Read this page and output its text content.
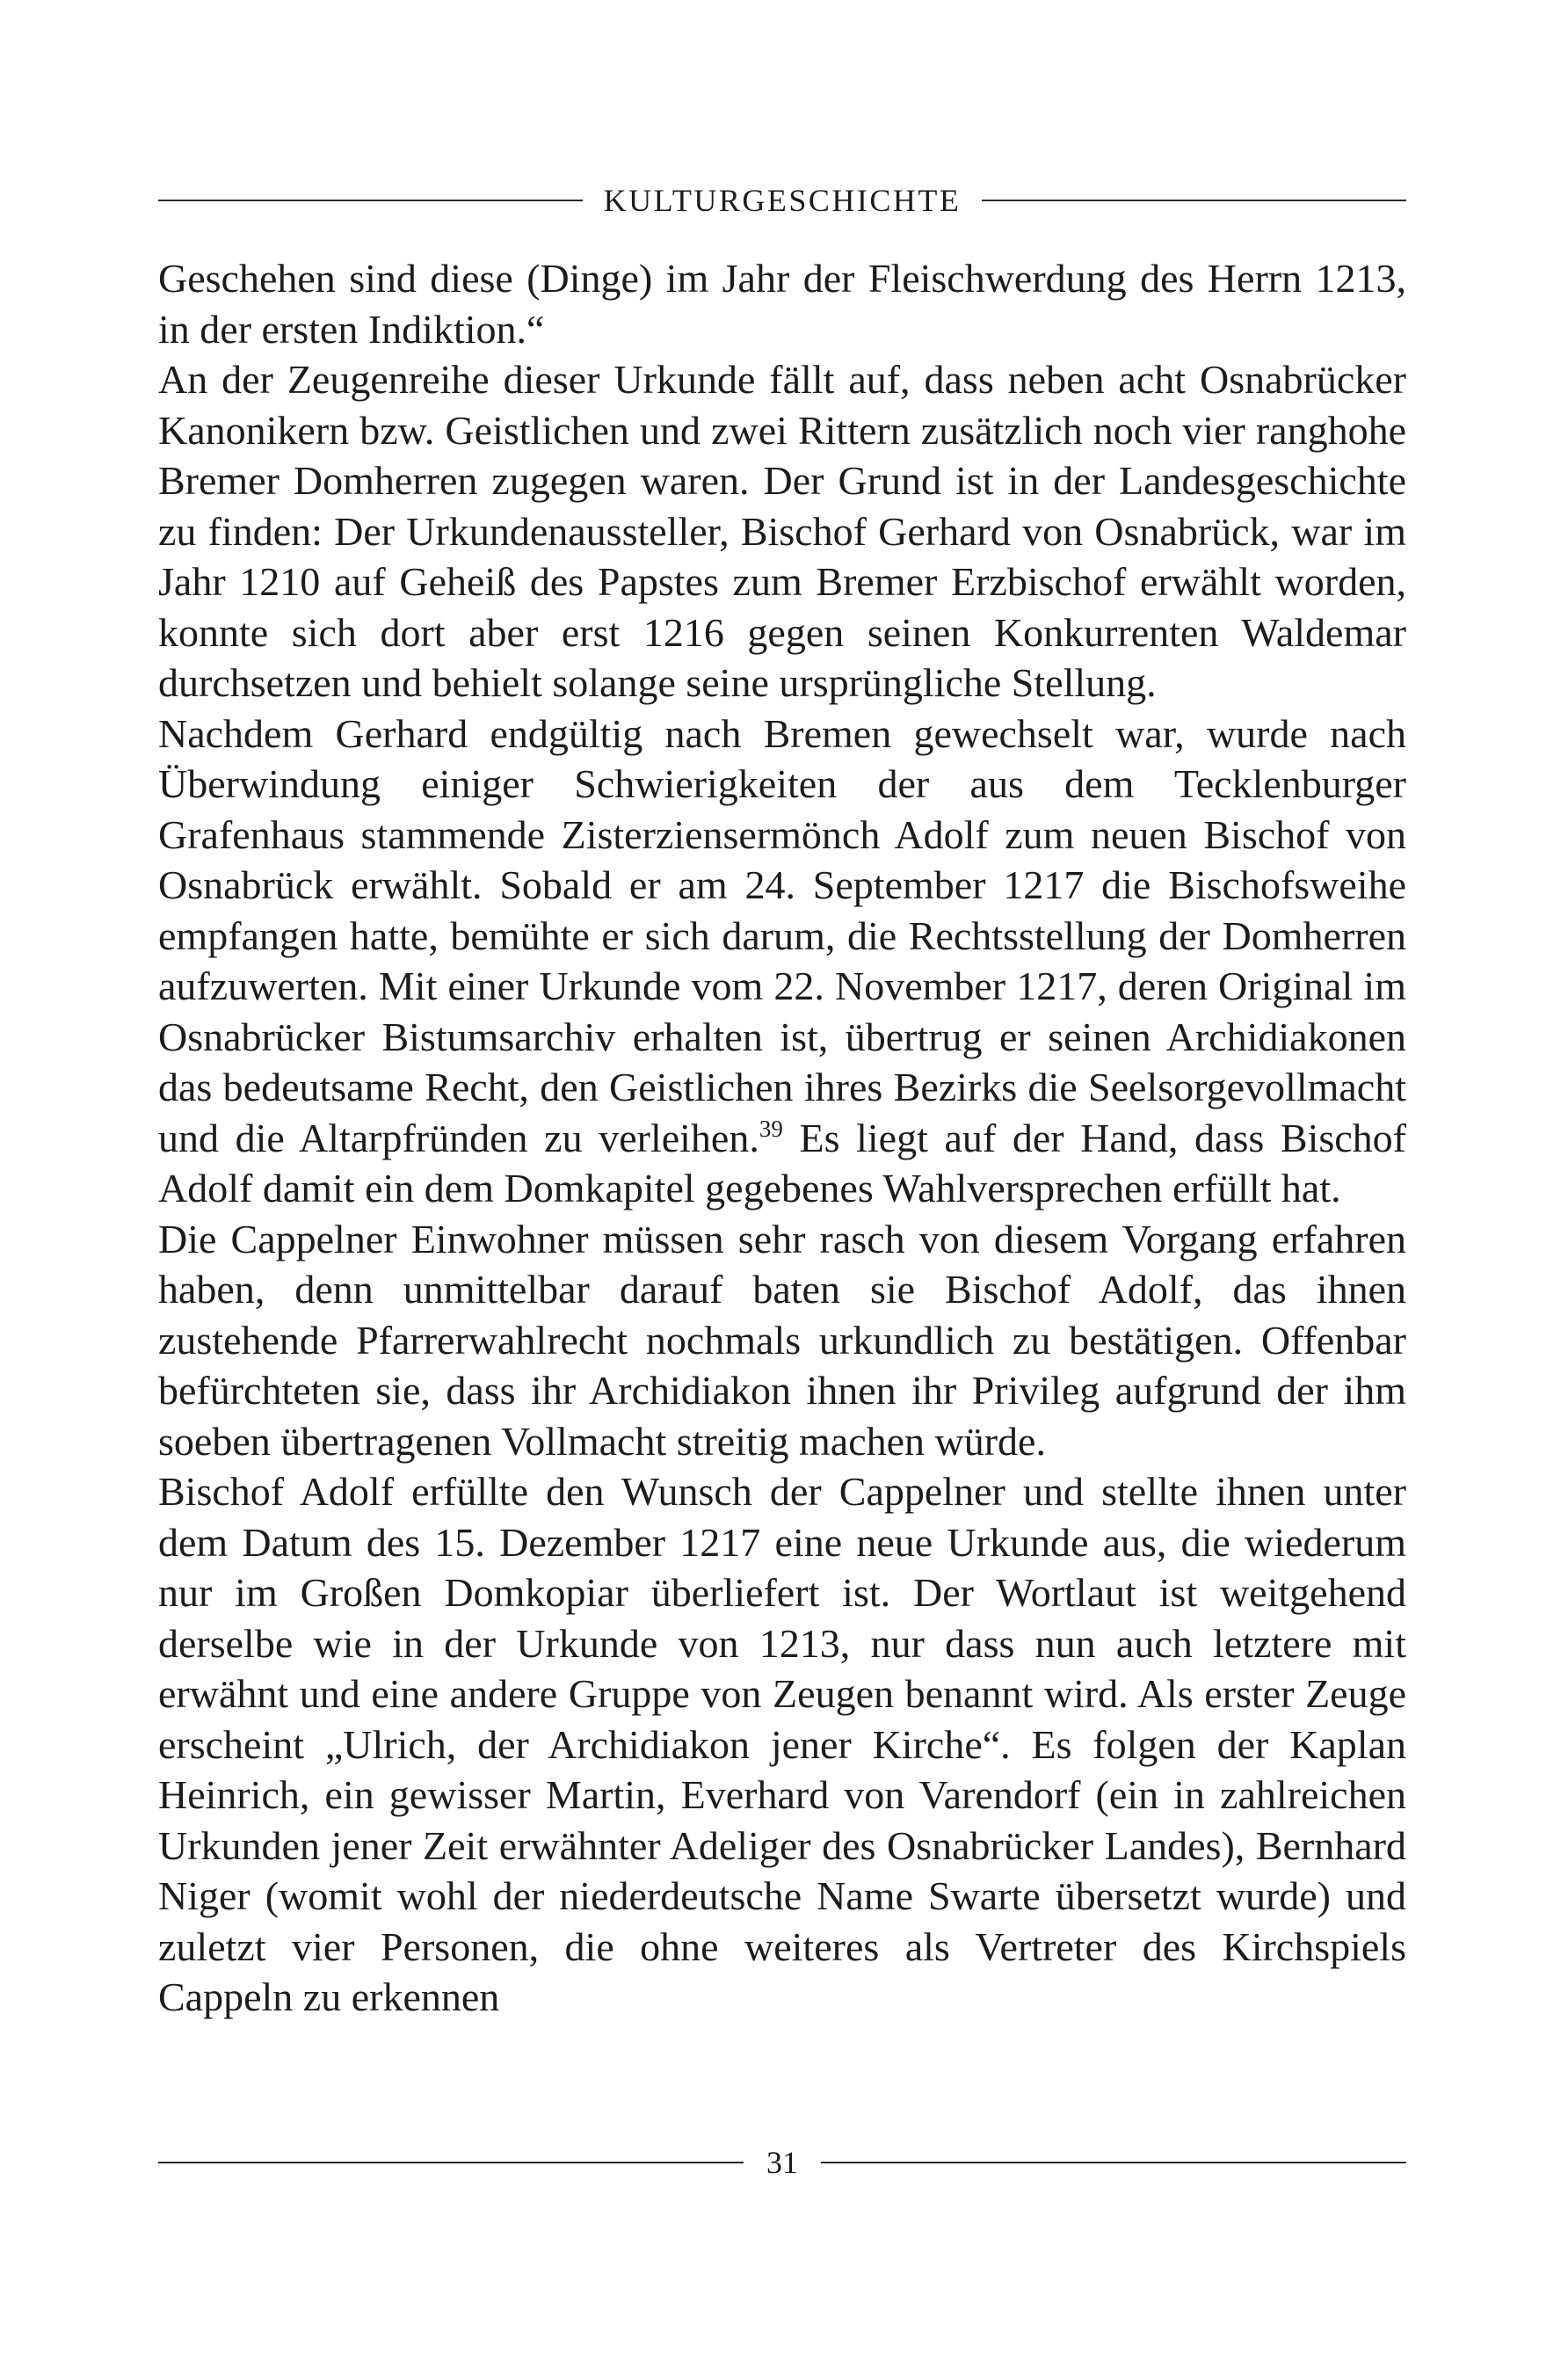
KULTURGESCHICHTE

Geschehen sind diese (Dinge) im Jahr der Fleischwerdung des Herrn 1213, in der ersten Indiktion.“

An der Zeugenreihe dieser Urkunde fällt auf, dass neben acht Osnabrücker Kanonikern bzw. Geistlichen und zwei Rittern zusätzlich noch vier ranghohe Bremer Domherren zugegen waren. Der Grund ist in der Landesgeschichte zu finden: Der Urkundenaussteller, Bischof Gerhard von Osnabrück, war im Jahr 1210 auf Geheiß des Papstes zum Bremer Erzbischof erwählt worden, konnte sich dort aber erst 1216 gegen seinen Konkurrenten Waldemar durchsetzen und behielt solange seine ursprüngliche Stellung.

Nachdem Gerhard endgültig nach Bremen gewechselt war, wurde nach Überwindung einiger Schwierigkeiten der aus dem Tecklenburger Grafenhaus stammende Zisterziensermönch Adolf zum neuen Bischof von Osnabrück erwählt. Sobald er am 24. September 1217 die Bischofsweihe empfangen hatte, bemühte er sich darum, die Rechtsstellung der Domherren aufzuwerten. Mit einer Urkunde vom 22. November 1217, deren Original im Osnabrücker Bistumsarchiv erhalten ist, übertrug er seinen Archidiakonen das bedeutsame Recht, den Geistlichen ihres Bezirks die Seelsorgevollmacht und die Altarpfründen zu verleihen.$^{39}$ Es liegt auf der Hand, dass Bischof Adolf damit ein dem Domkapitel gegebenes Wahlversprechen erfüllt hat.

Die Cappelner Einwohner müssen sehr rasch von diesem Vorgang erfahren haben, denn unmittelbar darauf baten sie Bischof Adolf, das ihnen zustehende Pfarrerwahlrecht nochmals urkundlich zu bestätigen. Offenbar befürchteten sie, dass ihr Archidiakon ihnen ihr Privileg aufgrund der ihm soeben übertragenen Vollmacht streitig machen würde.

Bischof Adolf erfüllte den Wunsch der Cappelner und stellte ihnen unter dem Datum des 15. Dezember 1217 eine neue Urkunde aus, die wiederum nur im Großen Domkopiar überliefert ist. Der Wortlaut ist weitgehend derselbe wie in der Urkunde von 1213, nur dass nun auch letztere mit erwähnt und eine andere Gruppe von Zeugen benannt wird. Als erster Zeuge erscheint „Ulrich, der Archidiakon jener Kirche“. Es folgen der Kaplan Heinrich, ein gewisser Martin, Everhard von Varendorf (ein in zahlreichen Urkunden jener Zeit erwähnter Adeliger des Osnabrücker Landes), Bernhard Niger (womit wohl der niederdeutsche Name Swarte übersetzt wurde) und zuletzt vier Personen, die ohne weiteres als Vertreter des Kirchspiels Cappeln zu erkennen

31
